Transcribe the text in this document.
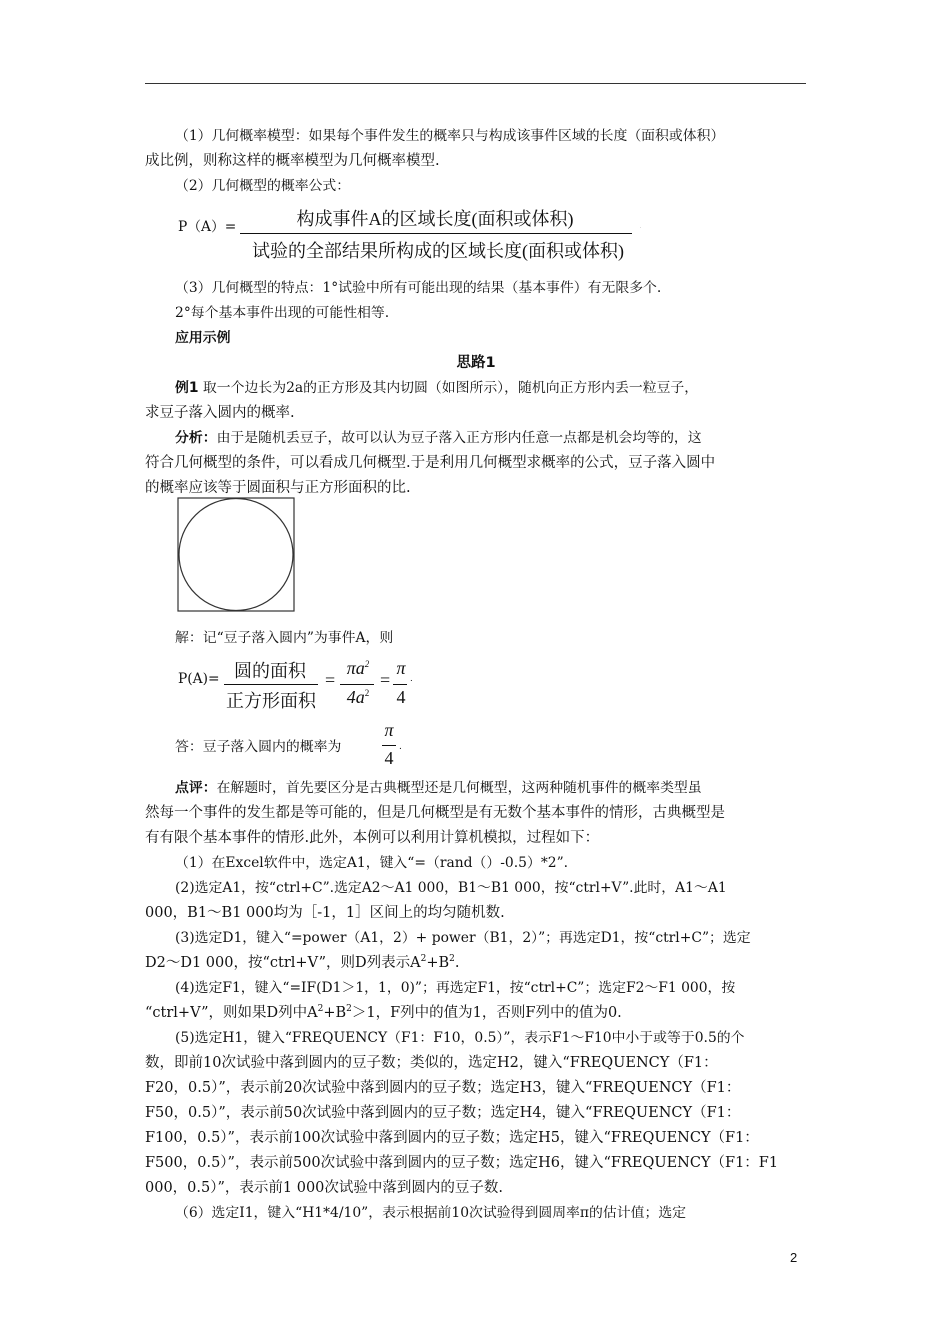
（1）几何概率模型：如果每个事件发生的概率只与构成该事件区域的长度（面积或体积）
成比例，则称这样的概率模型为几何概率模型.
（2）几何概型的概率公式：
P（A）=	构成事件A的区域长度(面积或体积)
试验的全部结果所构成的区域长度(面积或体积)
.
（3）几何概型的特点：1°试验中所有可能出现的结果（基本事件）有无限多个.
2°每个基本事件出现的可能性相等.
应用示例
思路1
例1 取一个边长为2a的正方形及其内切圆（如图所示），随机向正方形内丢一粒豆子，
求豆子落入圆内的概率.
分析：由于是随机丢豆子，故可以认为豆子落入正方形内任意一点都是机会均等的，这
符合几何概型的条件，可以看成几何概型.于是利用几何概型求概率的公式，豆子落入圆中
的概率应该等于圆面积与正方形面积的比.
解：记“豆子落入圆内”为事件A，则
P(A)= 圆的面积
正方形面积
=
$\pi a^2$
$4a^2$
=
π
4
.
答：豆子落入圆内的概率为
π
4
.
点评：在解题时，首先要区分是古典概型还是几何概型，这两种随机事件的概率类型虽
然每一个事件的发生都是等可能的，但是几何概型是有无数个基本事件的情形，古典概型是
有有限个基本事件的情形.此外，本例可以利用计算机模拟，过程如下：
（1）在Excel软件中，选定A1，键入“=（rand（）-0.5）*2”.
(2)选定A1，按“ctrl+C”.选定A2～A1 000，B1～B1 000，按“ctrl+V”.此时，A1～A1
000，B1～B1 000均为［-1，1］区间上的均匀随机数.
(3)选定D1，键入“=power（A1，2）+ power（B1，2）”；再选定D1，按“ctrl+C”；选定
D2～D1 000，按“ctrl+V”，则D列表示$A^2+B^2$.
(4)选定F1，键入“=IF(D1＞1，1，0)”；再选定F1，按“ctrl+C”；选定F2～F1 000，按
“ctrl+V”，则如果D列中$A^2+B^2>1$，F列中的值为1，否则F列中的值为0.
(5)选定H1，键入“FREQUENCY（F1：F10，0.5）”，表示F1～F10中小于或等于0.5的个
数，即前10次试验中落到圆内的豆子数；类似的，选定H2，键入“FREQUENCY（F1：
F20，0.5）”，表示前20次试验中落到圆内的豆子数；选定H3，键入“FREQUENCY（F1：
F50，0.5）”，表示前50次试验中落到圆内的豆子数；选定H4，键入“FREQUENCY（F1：
F100，0.5）”，表示前100次试验中落到圆内的豆子数；选定H5，键入“FREQUENCY（F1：
F500，0.5）”，表示前500次试验中落到圆内的豆子数；选定H6，键入“FREQUENCY（F1：F1
000，0.5）”，表示前1 000次试验中落到圆内的豆子数.
（6）选定I1，键入“H1*4/10”，表示根据前10次试验得到圆周率π的估计值；选定
2
